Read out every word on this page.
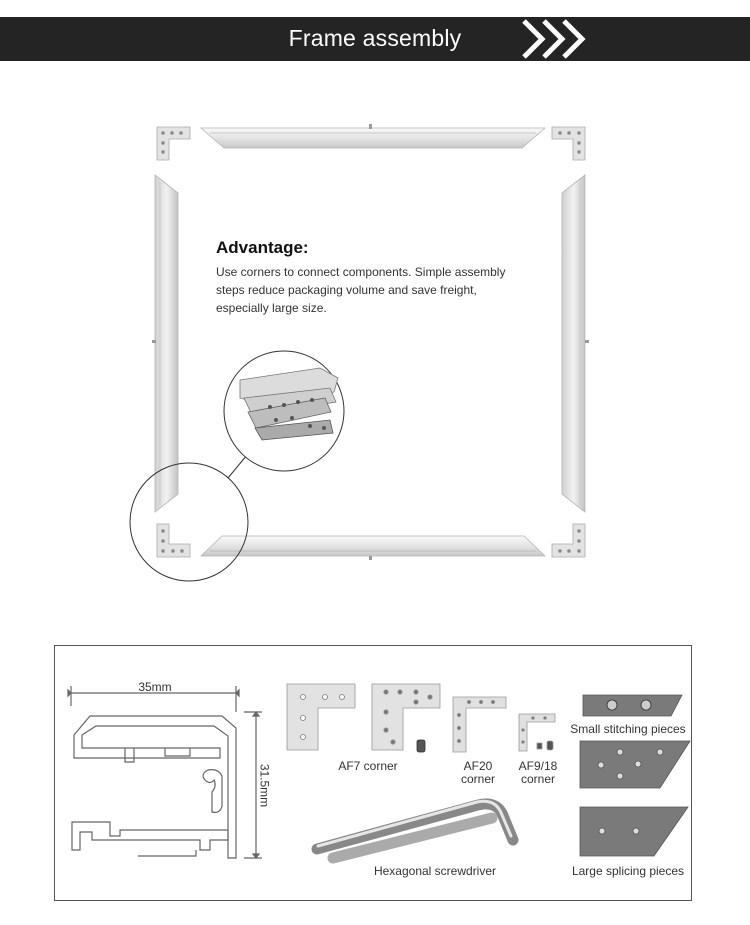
Frame assembly
Advantage:
Use corners to connect components. Simple assembly
steps reduce packaging volume and save freight,
especially large size.
35mm
31.5mm	AF7 corner	AF20
corner
AF9/18
corner
Hexagonal screwdriver
Small stitching pieces
Large splicing pieces
